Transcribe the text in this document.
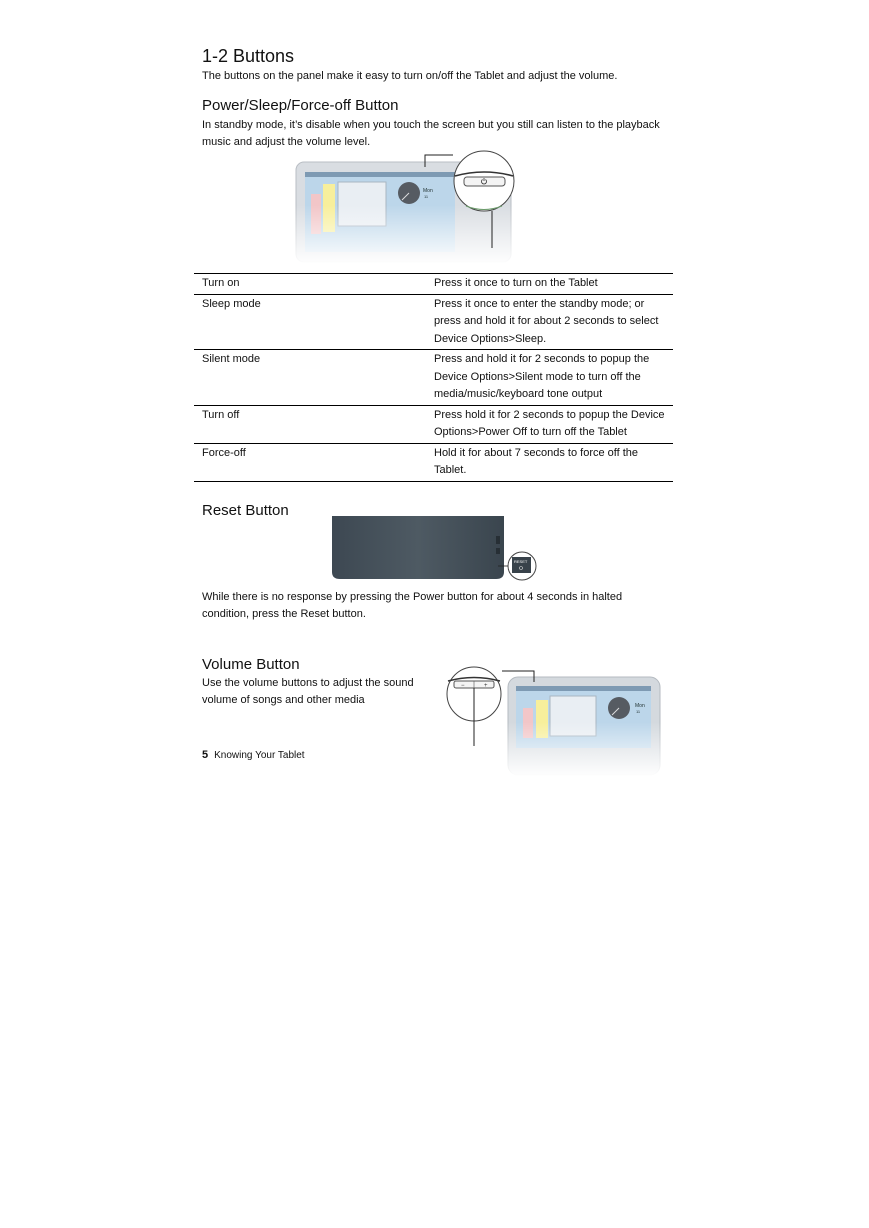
1-2 Buttons

The buttons on the panel make it easy to turn on/off the Tablet and adjust the volume.

Power/Sleep/Force-off Button

In standby mode, it’s disable when you touch the screen but you still can listen to the playback music and adjust the volume level.

Mon
11
Turn on	Press it once to turn on the Tablet
Sleep mode	Press it once to enter the standby mode; or press and hold it for about 2 seconds to select Device Options>Sleep.
Silent mode	Press and hold it for 2 seconds to popup the Device Options>Silent mode to turn off the media/music/keyboard tone output
Turn off	Press hold it for 2 seconds to popup the Device Options>Power Off to turn off the Tablet
Force-off	Hold it for about 7 seconds to force off the Tablet.
Reset Button
RESET

While there is no response by pressing the Power button for about 4 seconds in halted condition, press the Reset button.

Volume Button

Use the volume buttons to adjust the sound volume of songs and other media	Mon
11
−	+
5 Knowing Your Tablet
